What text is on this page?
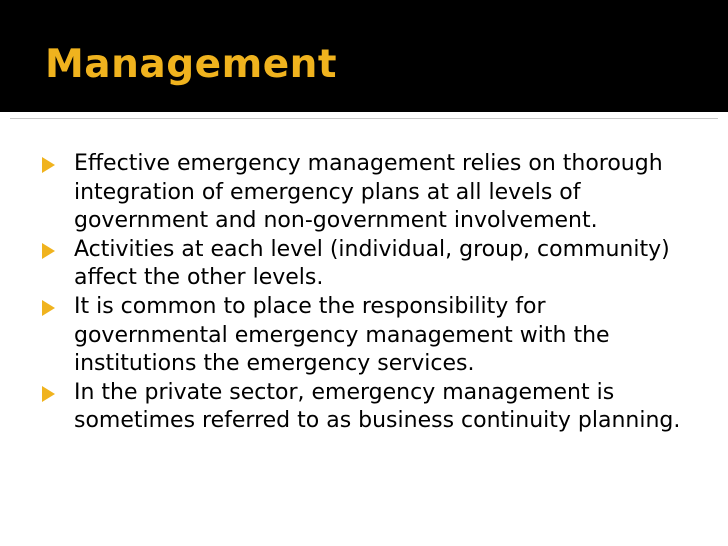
Management
Effective emergency management relies on thorough integration of emergency plans at all levels of government and non-government involvement.
Activities at each level (individual, group, community) affect the other levels.
It is common to place the responsibility for governmental emergency management with the institutions the emergency services.
In the private sector, emergency management is sometimes referred to as business continuity planning.
